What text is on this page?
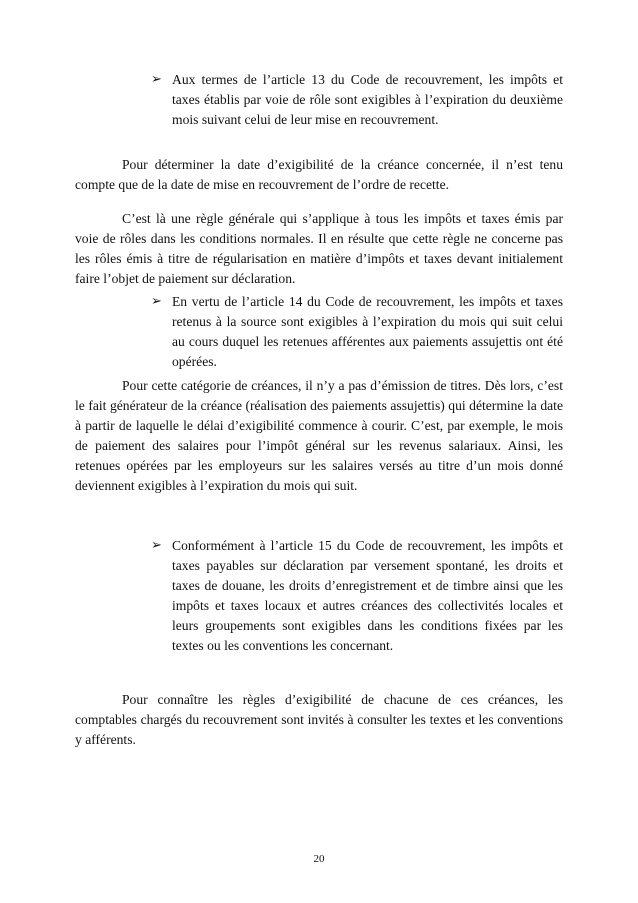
➢ Aux termes de l’article 13 du Code de recouvrement, les impôts et taxes établis par voie de rôle sont exigibles à l’expiration du deuxième mois suivant celui de leur mise en recouvrement.
Pour déterminer la date d’exigibilité de la créance concernée, il n’est tenu compte que de la date de mise en recouvrement de l’ordre de recette.
C’est là une règle générale qui s’applique à tous les impôts et taxes émis par voie de rôles dans les conditions normales. Il en résulte que cette règle ne concerne pas les rôles émis à titre de régularisation en matière d’impôts et taxes devant initialement faire l’objet de paiement sur déclaration.
➢ En vertu de l’article 14 du Code de recouvrement, les impôts et taxes retenus à la source sont exigibles à l’expiration du mois qui suit celui au cours duquel les retenues afférentes aux paiements assujettis ont été opérées.
Pour cette catégorie de créances, il n’y a pas d’émission de titres. Dès lors, c’est le fait générateur de la créance (réalisation des paiements assujettis) qui détermine la date à partir de laquelle le délai d’exigibilité commence à courir. C’est, par exemple, le mois de paiement des salaires pour l’impôt général sur les revenus salariaux. Ainsi, les retenues opérées par les employeurs sur les salaires versés au titre d’un mois donné deviennent exigibles à l’expiration du mois qui suit.
➢ Conformément à l’article 15 du Code de recouvrement, les impôts et taxes payables sur déclaration par versement spontané, les droits et taxes de douane, les droits d’enregistrement et de timbre ainsi que les impôts et taxes locaux et autres créances des collectivités locales et leurs groupements sont exigibles dans les conditions fixées par les textes ou les conventions les concernant.
Pour connaître les règles d’exigibilité de chacune de ces créances, les comptables chargés du recouvrement sont invités à consulter les textes et les conventions y afférents.
20
